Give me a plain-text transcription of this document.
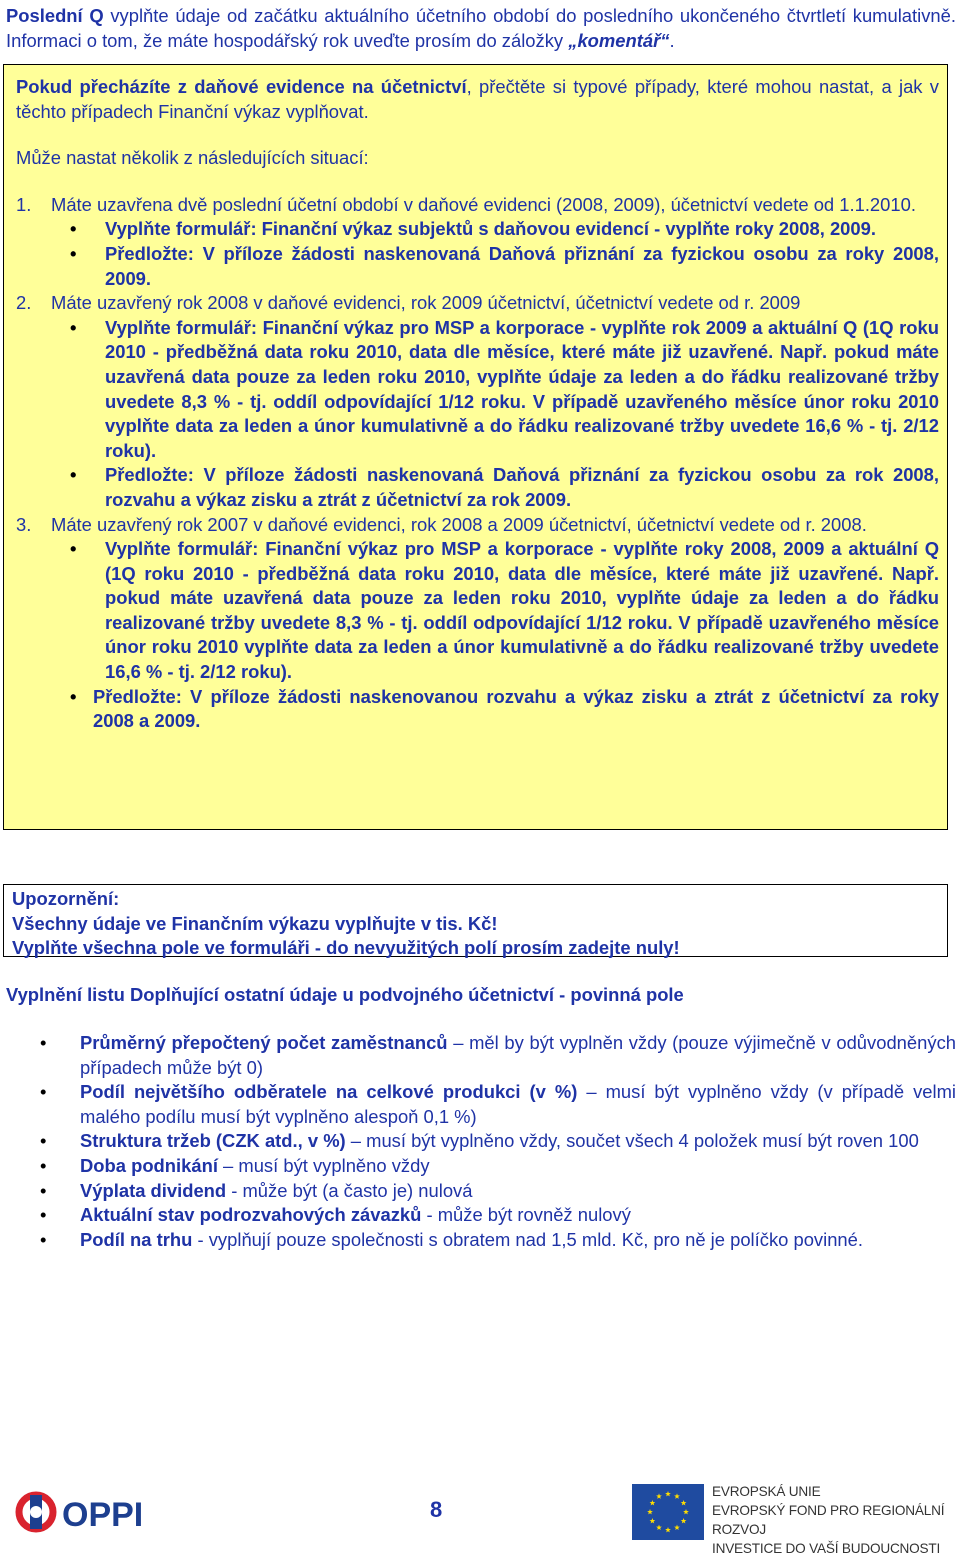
Poslední Q vyplňte údaje od začátku aktuálního účetního období do posledního ukončeného čtvrtletí kumulativně. Informaci o tom, že máte hospodářský rok uveďte prosím do záložky „komentář“.

Pokud přecházíte z daňové evidence na účetnictví, přečtěte si typové případy, které mohou nastat, a jak v těchto případech Finanční výkaz vyplňovat.

Může nastat několik z následujících situací:

1. Máte uzavřena dvě poslední účetní období v daňové evidenci (2008, 2009), účetnictví vedete od 1.1.2010.

• Vyplňte formulář: Finanční výkaz subjektů s daňovou evidencí - vyplňte roky 2008, 2009.

• Předložte: V příloze žádosti naskenovaná Daňová přiznání za fyzickou osobu za roky 2008, 2009.

2. Máte uzavřený rok 2008 v daňové evidenci, rok 2009 účetnictví, účetnictví vedete od r. 2009

• Vyplňte formulář: Finanční výkaz pro MSP a korporace - vyplňte rok 2009 a aktuální Q (1Q roku 2010 - předběžná data roku 2010, data dle měsíce, které máte již uzavřené. Např. pokud máte uzavřená data pouze za leden roku 2010, vyplňte údaje za leden a do řádku realizované tržby uvedete 8,3 % - tj. oddíl odpovídající 1/12 roku. V případě uzavřeného měsíce únor roku 2010 vyplňte data za leden a únor kumulativně a do řádku realizované tržby uvedete 16,6 % - tj. 2/12 roku).

• Předložte: V příloze žádosti naskenovaná Daňová přiznání za fyzickou osobu za rok 2008, rozvahu a výkaz zisku a ztrát z účetnictví za rok 2009.

3. Máte uzavřený rok 2007 v daňové evidenci, rok 2008 a 2009 účetnictví, účetnictví vedete od r. 2008.

• Vyplňte formulář: Finanční výkaz pro MSP a korporace - vyplňte roky 2008, 2009 a aktuální Q (1Q roku 2010 - předběžná data roku 2010, data dle měsíce, které máte již uzavřené. Např. pokud máte uzavřená data pouze za leden roku 2010, vyplňte údaje za leden a do řádku realizované tržby uvedete 8,3 % - tj. oddíl odpovídající 1/12 roku. V případě uzavřeného měsíce únor roku 2010 vyplňte data za leden a únor kumulativně a do řádku realizované tržby uvedete 16,6 % - tj. 2/12 roku).

• Předložte: V příloze žádosti naskenovanou rozvahu a výkaz zisku a ztrát z účetnictví za roky 2008 a 2009.

Upozornění:

Všechny údaje ve Finančním výkazu vyplňujte v tis. Kč!

Vyplňte všechna pole ve formuláři - do nevyužitých polí prosím zadejte nuly!

Vyplnění listu Doplňující ostatní údaje u podvojného účetnictví - povinná pole

• Průměrný přepočtený počet zaměstnanců – měl by být vyplněn vždy (pouze výjimečně v odůvodněných případech může být 0)
• Podíl největšího odběratele na celkové produkci (v %) – musí být vyplněno vždy (v případě velmi malého podílu musí být vyplněno alespoň 0,1 %)
• Struktura tržeb (CZK atd., v %) – musí být vyplněno vždy, součet všech 4 položek musí být roven 100
• Doba podnikání – musí být vyplněno vždy
• Výplata dividend - může být (a často je) nulová
• Aktuální stav podrozvahových závazků - může být rovněž nulový
• Podíl na trhu - vyplňují pouze společnosti s obratem nad 1,5 mld. Kč, pro ně je políčko povinné.
OPPI	8
EVROPSKÁ UNIE
EVROPSKÝ FOND PRO REGIONÁLNÍ ROZVOJ
INVESTICE DO VAŠÍ BUDOUCNOSTI
